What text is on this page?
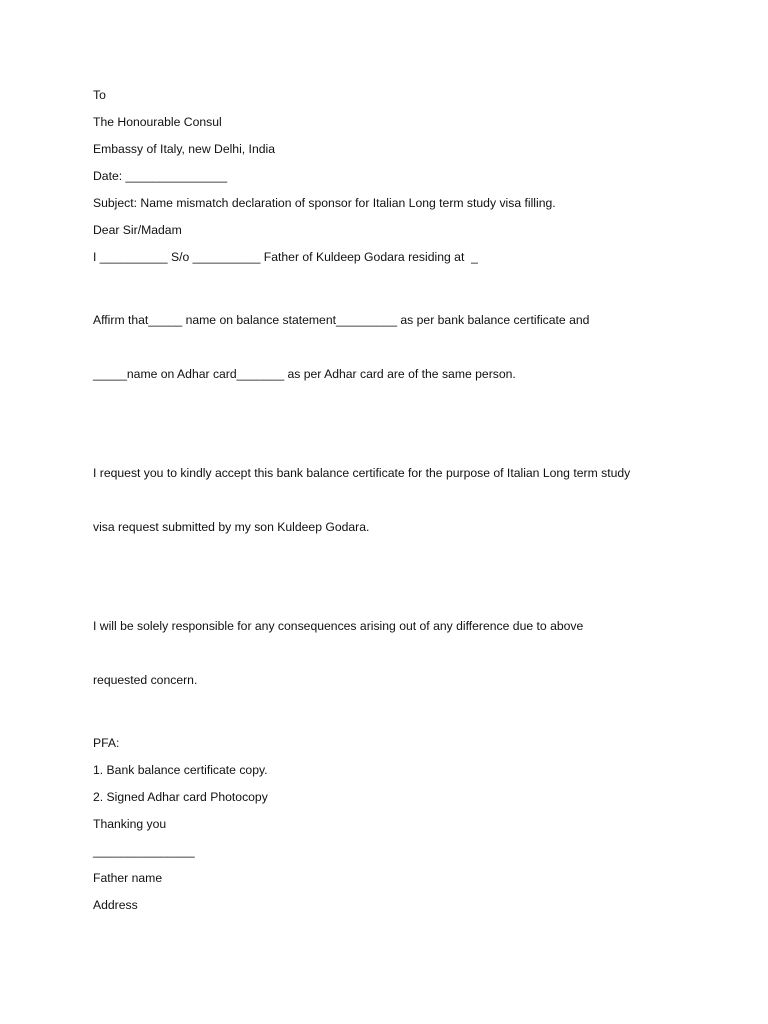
To

The Honourable Consul

Embassy of Italy, new Delhi, India

Date: _______________

Subject: Name mismatch declaration of sponsor for Italian Long term study visa filling.

Dear Sir/Madam

I __________ S/o __________ Father of Kuldeep Godara residing at  _

Affirm that_____ name on balance statement_________ as per bank balance certificate and

_____name on Adhar card_______ as per Adhar card are of the same person.

I request you to kindly accept this bank balance certificate for the purpose of Italian Long term study

visa request submitted by my son Kuldeep Godara.

I will be solely responsible for any consequences arising out of any difference due to above

requested concern.

PFA:

1. Bank balance certificate copy.

2. Signed Adhar card Photocopy

Thanking you

_______________

Father name

Address
